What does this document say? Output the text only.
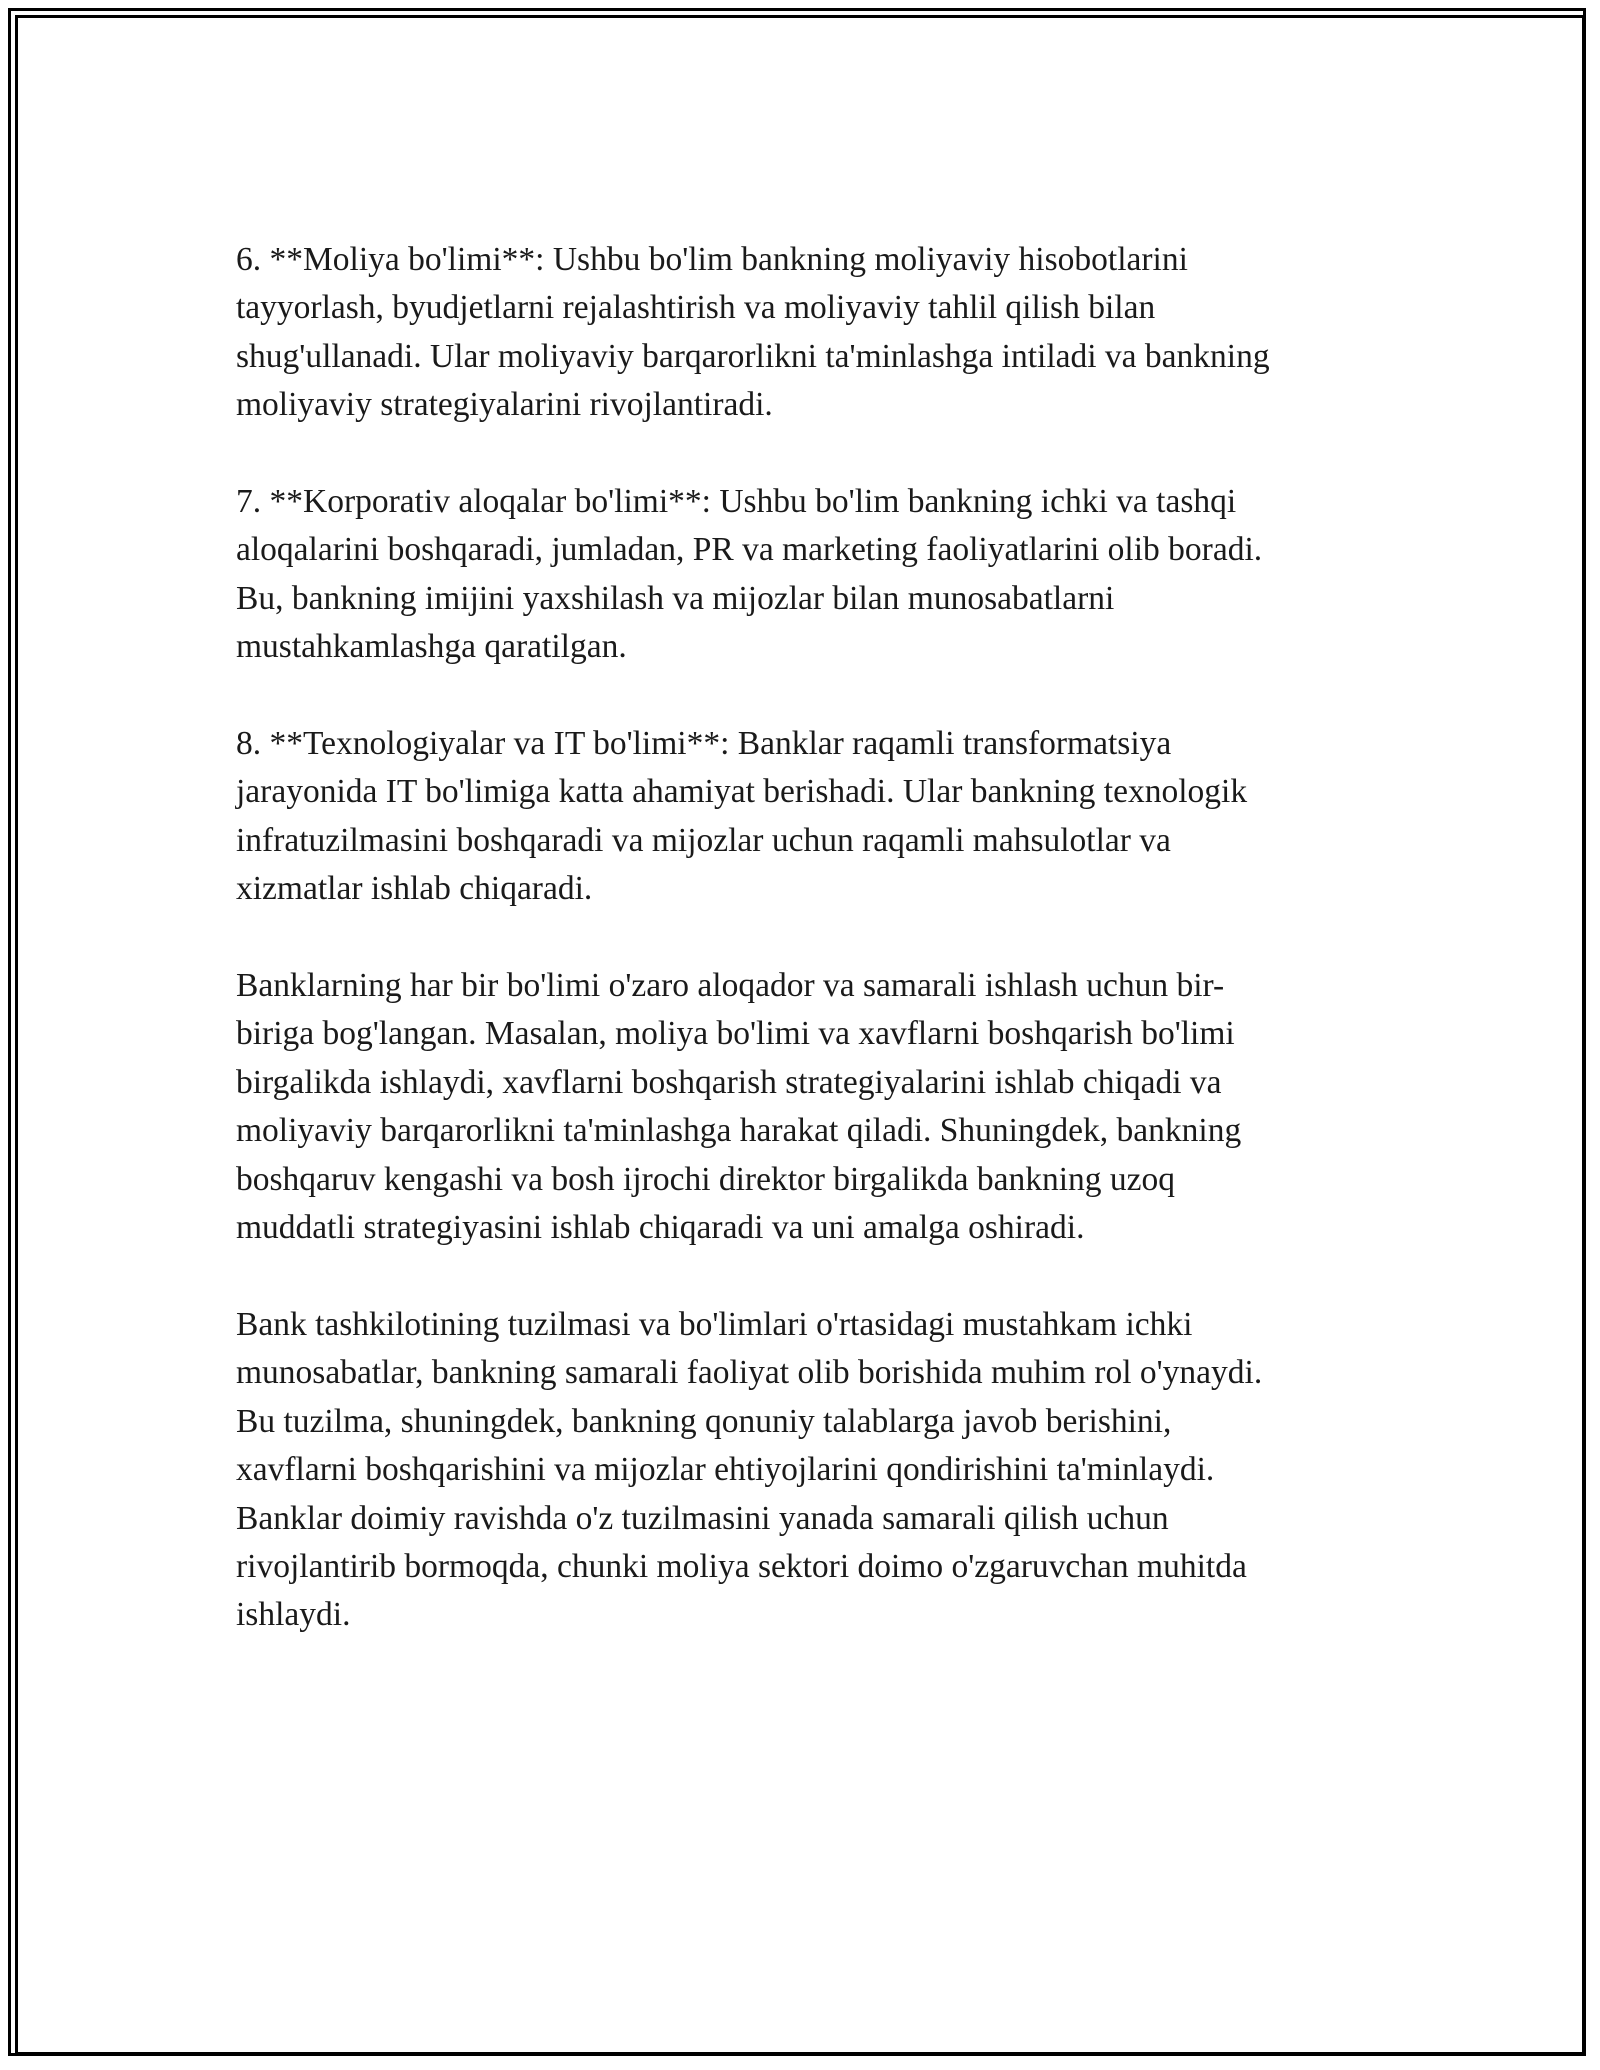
6. **Moliya bo'limi**: Ushbu bo'lim bankning moliyaviy hisobotlarini
tayyorlash, byudjetlarni rejalashtirish va moliyaviy tahlil qilish bilan
shug'ullanadi. Ular moliyaviy barqarorlikni ta'minlashga intiladi va bankning
moliyaviy strategiyalarini rivojlantiradi.

7. **Korporativ aloqalar bo'limi**: Ushbu bo'lim bankning ichki va tashqi
aloqalarini boshqaradi, jumladan, PR va marketing faoliyatlarini olib boradi.
Bu, bankning imijini yaxshilash va mijozlar bilan munosabatlarni
mustahkamlashga qaratilgan.

8. **Texnologiyalar va IT bo'limi**: Banklar raqamli transformatsiya
jarayonida IT bo'limiga katta ahamiyat berishadi. Ular bankning texnologik
infratuzilmasini boshqaradi va mijozlar uchun raqamli mahsulotlar va
xizmatlar ishlab chiqaradi.

Banklarning har bir bo'limi o'zaro aloqador va samarali ishlash uchun bir-
biriga bog'langan. Masalan, moliya bo'limi va xavflarni boshqarish bo'limi
birgalikda ishlaydi, xavflarni boshqarish strategiyalarini ishlab chiqadi va
moliyaviy barqarorlikni ta'minlashga harakat qiladi. Shuningdek, bankning
boshqaruv kengashi va bosh ijrochi direktor birgalikda bankning uzoq
muddatli strategiyasini ishlab chiqaradi va uni amalga oshiradi.

Bank tashkilotining tuzilmasi va bo'limlari o'rtasidagi mustahkam ichki
munosabatlar, bankning samarali faoliyat olib borishida muhim rol o'ynaydi.
Bu tuzilma, shuningdek, bankning qonuniy talablarga javob berishini,
xavflarni boshqarishini va mijozlar ehtiyojlarini qondirishini ta'minlaydi.
Banklar doimiy ravishda o'z tuzilmasini yanada samarali qilish uchun
rivojlantirib bormoqda, chunki moliya sektori doimo o'zgaruvchan muhitda
ishlaydi.
